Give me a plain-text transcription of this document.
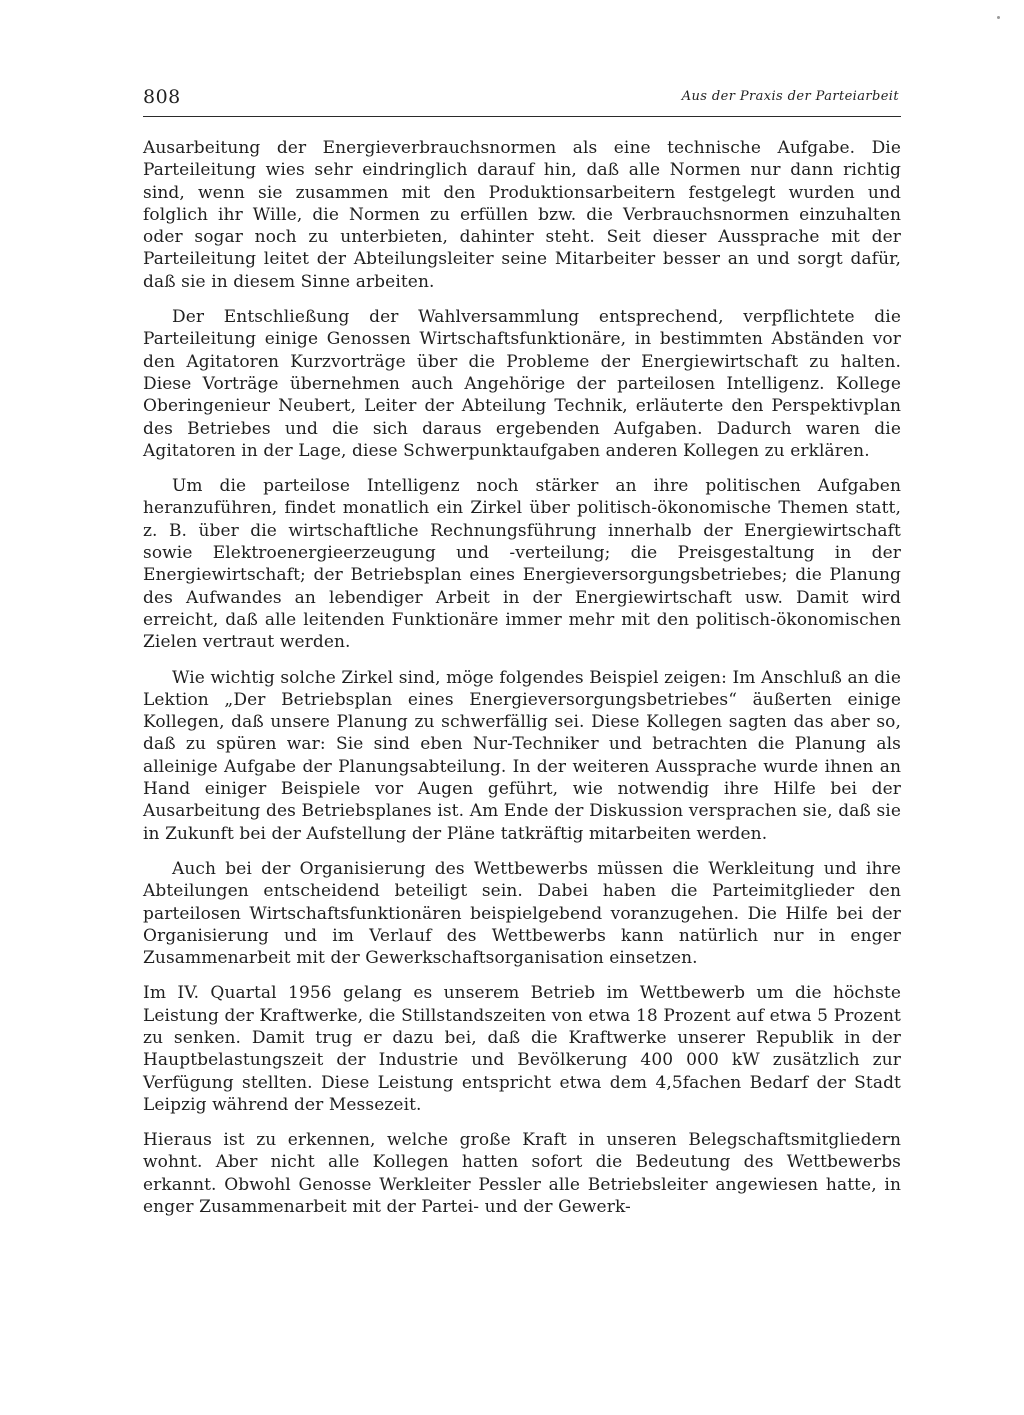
808	Aus der Praxis der Parteiarbeit

Ausarbeitung der Energieverbrauchsnormen als eine technische Aufgabe. Die Parteileitung wies sehr eindringlich darauf hin, daß alle Normen nur dann richtig sind, wenn sie zusammen mit den Produktionsarbeitern festgelegt wurden und folglich ihr Wille, die Normen zu erfüllen bzw. die Verbrauchsnormen einzuhalten oder sogar noch zu unterbieten, dahinter steht. Seit dieser Aussprache mit der Parteileitung leitet der Abteilungsleiter seine Mitarbeiter besser an und sorgt dafür, daß sie in diesem Sinne arbeiten.

Der Entschließung der Wahlversammlung entsprechend, verpflichtete die Parteileitung einige Genossen Wirtschaftsfunktionäre, in bestimmten Abständen vor den Agitatoren Kurzvorträge über die Probleme der Energiewirtschaft zu halten. Diese Vorträge übernehmen auch Angehörige der parteilosen Intelligenz. Kollege Oberingenieur Neubert, Leiter der Abteilung Technik, erläuterte den Perspektivplan des Betriebes und die sich daraus ergebenden Aufgaben. Dadurch waren die Agitatoren in der Lage, diese Schwerpunktaufgaben anderen Kollegen zu erklären.

Um die parteilose Intelligenz noch stärker an ihre politischen Aufgaben heranzuführen, findet monatlich ein Zirkel über politisch-ökonomische Themen statt, z. B. über die wirtschaftliche Rechnungsführung innerhalb der Energiewirtschaft sowie Elektroenergieerzeugung und -verteilung; die Preisgestaltung in der Energiewirtschaft; der Betriebsplan eines Energieversorgungsbetriebes; die Planung des Aufwandes an lebendiger Arbeit in der Energiewirtschaft usw. Damit wird erreicht, daß alle leitenden Funktionäre immer mehr mit den politisch-ökonomischen Zielen vertraut werden.

Wie wichtig solche Zirkel sind, möge folgendes Beispiel zeigen: Im Anschluß an die Lektion „Der Betriebsplan eines Energieversorgungsbetriebes“ äußerten einige Kollegen, daß unsere Planung zu schwerfällig sei. Diese Kollegen sagten das aber so, daß zu spüren war: Sie sind eben Nur-Techniker und betrachten die Planung als alleinige Aufgabe der Planungsabteilung. In der weiteren Aussprache wurde ihnen an Hand einiger Beispiele vor Augen geführt, wie notwendig ihre Hilfe bei der Ausarbeitung des Betriebsplanes ist. Am Ende der Diskussion versprachen sie, daß sie in Zukunft bei der Aufstellung der Pläne tatkräftig mitarbeiten werden.

Auch bei der Organisierung des Wettbewerbs müssen die Werkleitung und ihre Abteilungen entscheidend beteiligt sein. Dabei haben die Parteimitglieder den parteilosen Wirtschaftsfunktionären beispielgebend voranzugehen. Die Hilfe bei der Organisierung und im Verlauf des Wettbewerbs kann natürlich nur in enger Zusammenarbeit mit der Gewerkschaftsorganisation einsetzen.

Im IV. Quartal 1956 gelang es unserem Betrieb im Wettbewerb um die höchste Leistung der Kraftwerke, die Stillstandszeiten von etwa 18 Prozent auf etwa 5 Prozent zu senken. Damit trug er dazu bei, daß die Kraftwerke unserer Republik in der Hauptbelastungszeit der Industrie und Bevölkerung 400 000 kW zusätzlich zur Verfügung stellten. Diese Leistung entspricht etwa dem 4,5fachen Bedarf der Stadt Leipzig während der Messezeit.

Hieraus ist zu erkennen, welche große Kraft in unseren Belegschaftsmitgliedern wohnt. Aber nicht alle Kollegen hatten sofort die Bedeutung des Wettbewerbs erkannt. Obwohl Genosse Werkleiter Pessler alle Betriebsleiter angewiesen hatte, in enger Zusammenarbeit mit der Partei- und der Gewerk-
